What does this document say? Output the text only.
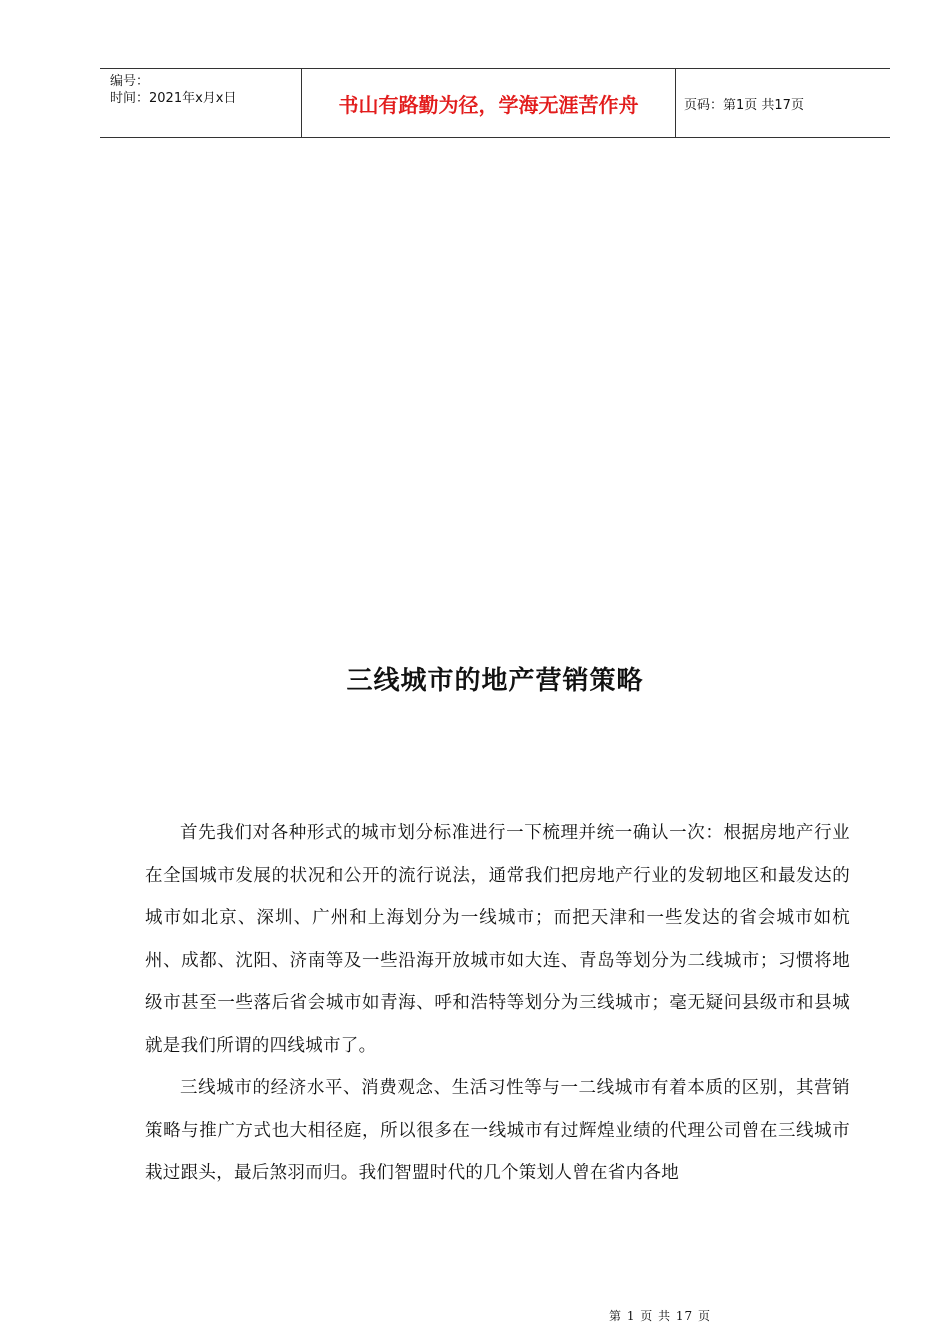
编号：
时间：2021年x月x日	书山有路勤为径，学海无涯苦作舟	页码：第1页 共17页
三线城市的地产营销策略

首先我们对各种形式的城市划分标准进行一下梳理并统一确认一次：根据房地产行业在全国城市发展的状况和公开的流行说法，通常我们把房地产行业的发轫地区和最发达的城市如北京、深圳、广州和上海划分为一线城市；而把天津和一些发达的省会城市如杭州、成都、沈阳、济南等及一些沿海开放城市如大连、青岛等划分为二线城市；习惯将地级市甚至一些落后省会城市如青海、呼和浩特等划分为三线城市；毫无疑问县级市和县城就是我们所谓的四线城市了。

三线城市的经济水平、消费观念、生活习性等与一二线城市有着本质的区别，其营销策略与推广方式也大相径庭，所以很多在一线城市有过辉煌业绩的代理公司曾在三线城市栽过跟头，最后煞羽而归。我们智盟时代的几个策划人曾在省内各地

第 1 页 共 17 页
